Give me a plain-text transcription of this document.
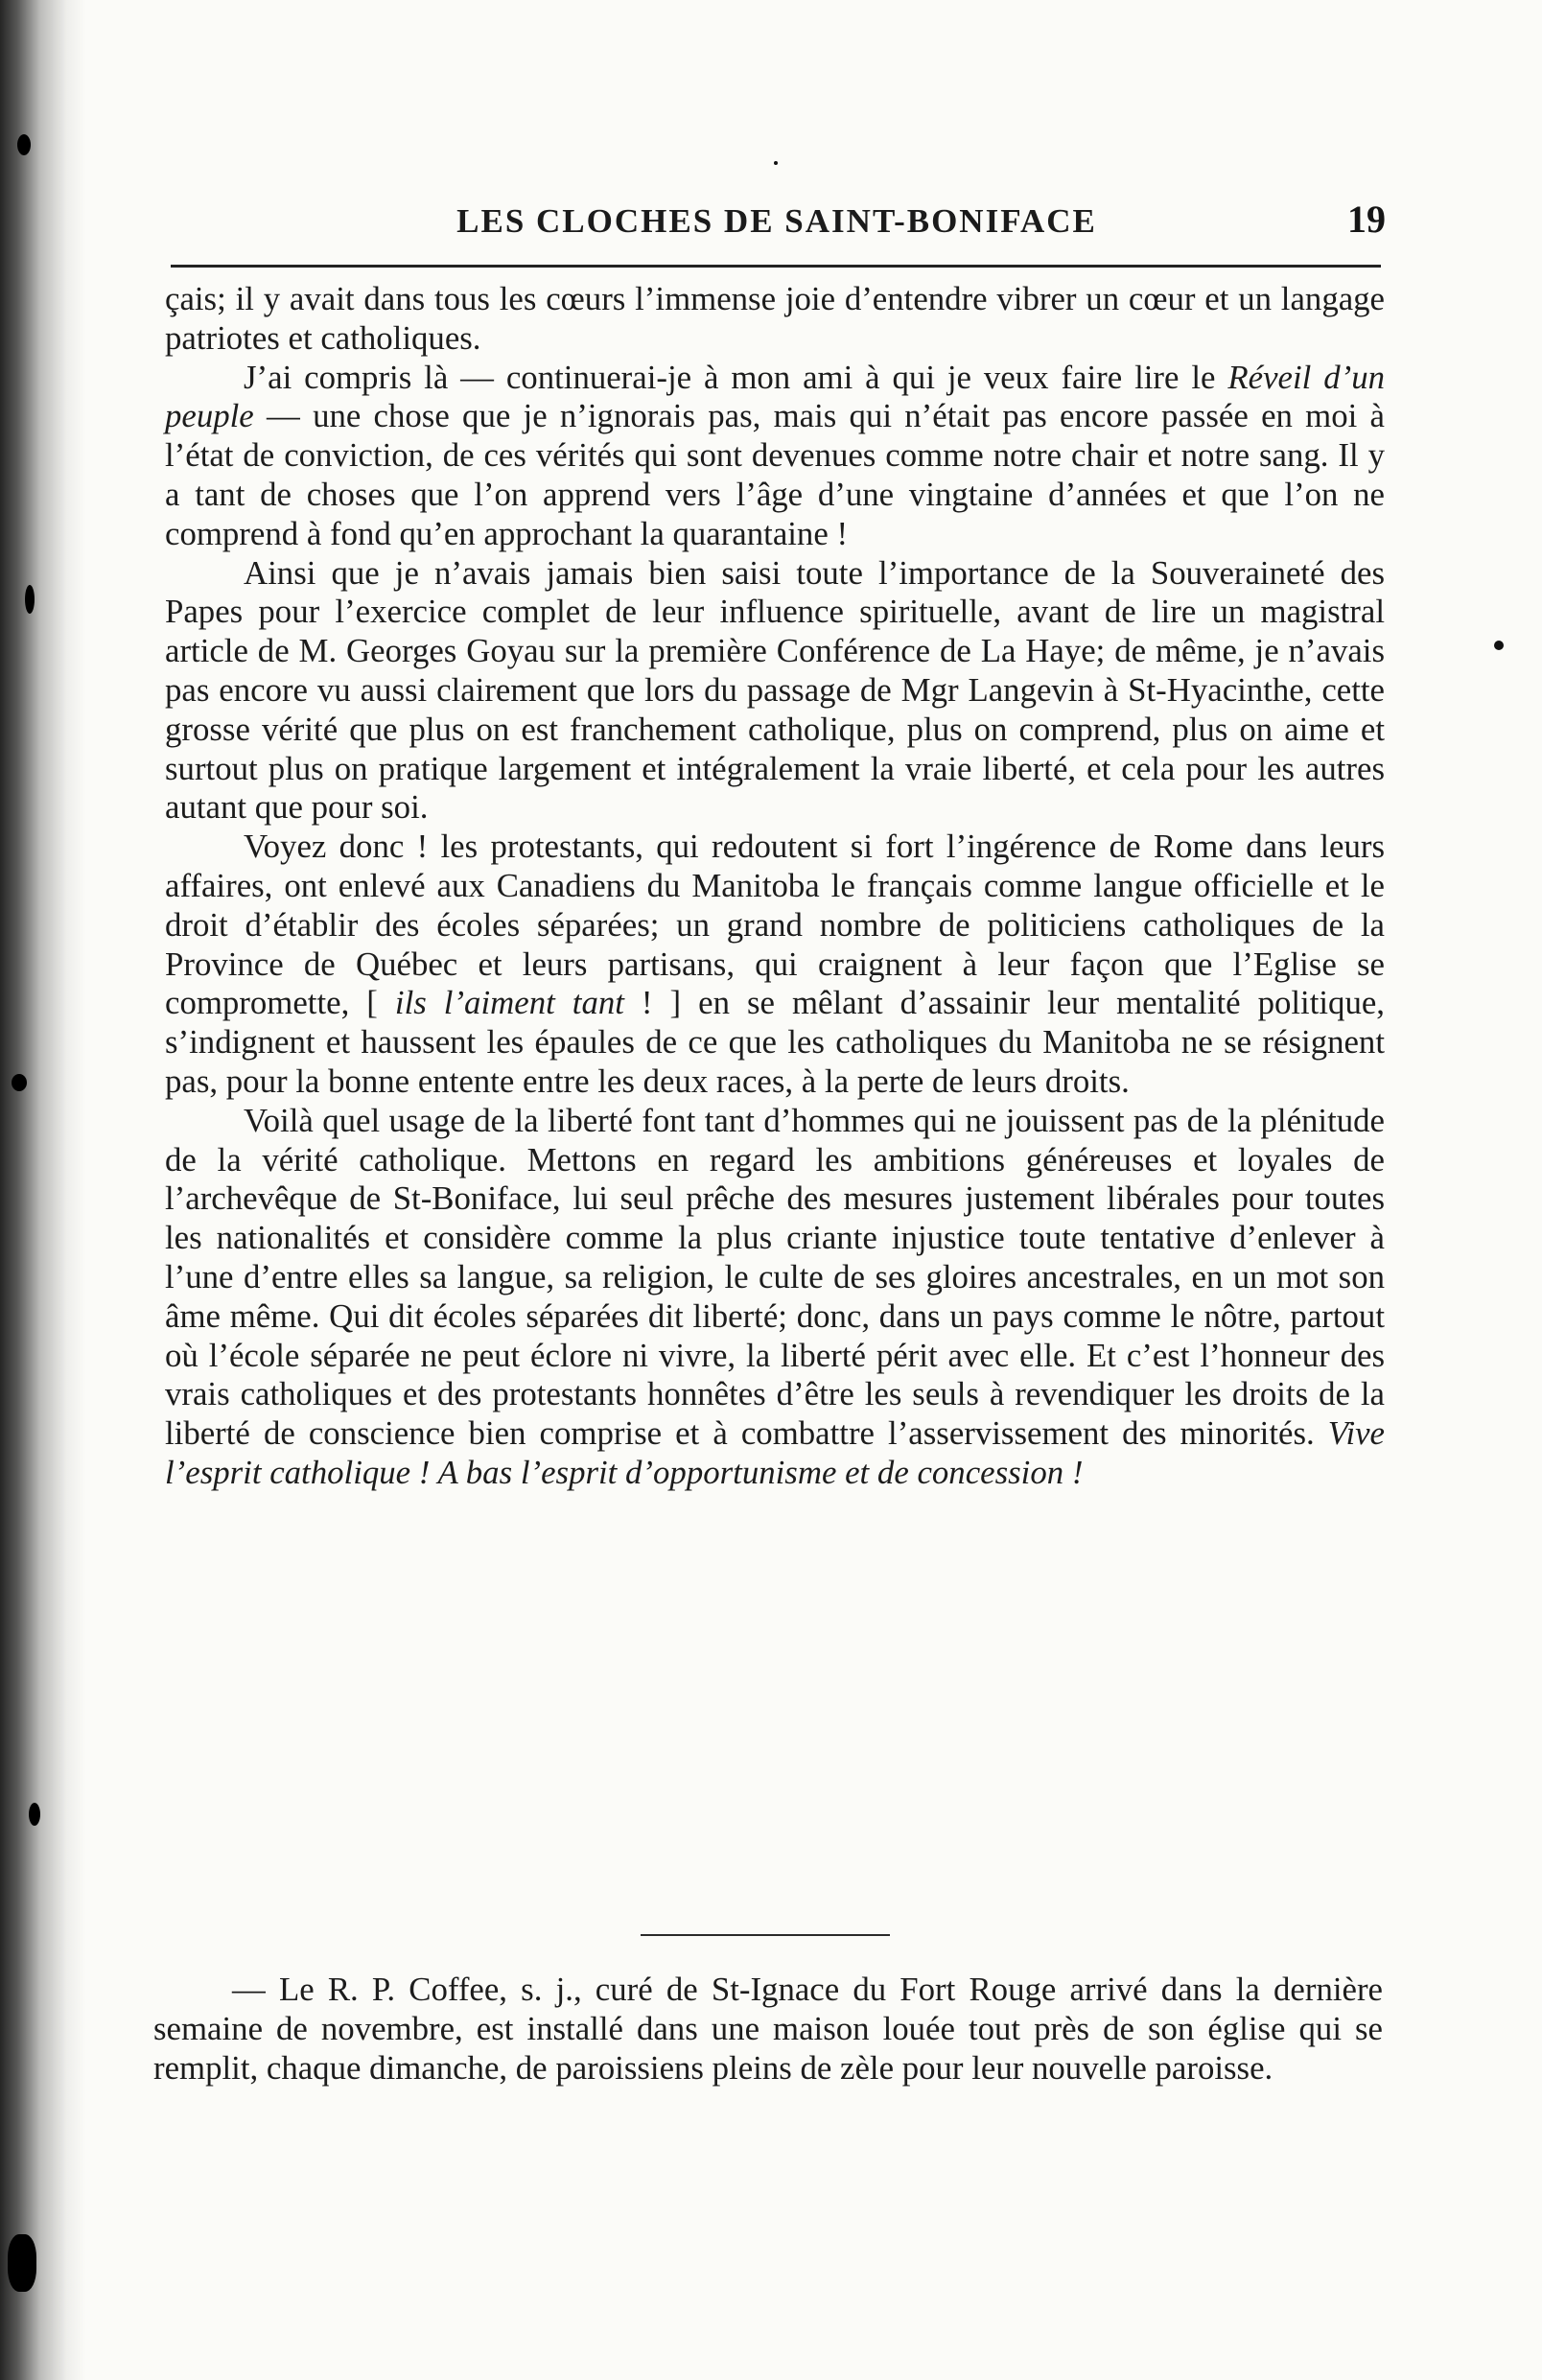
LES CLOCHES DE SAINT-BONIFACE	19

çais; il y avait dans tous les cœurs l’immense joie d’entendre vibrer un cœur et un langage patriotes et catholiques.

J’ai compris là — continuerai-je à mon ami à qui je veux faire lire le Réveil d’un peuple — une chose que je n’ignorais pas, mais qui n’était pas encore passée en moi à l’état de conviction, de ces vérités qui sont devenues comme notre chair et notre sang. Il y a tant de choses que l’on apprend vers l’âge d’une vingtaine d’années et que l’on ne comprend à fond qu’en approchant la quarantaine !

Ainsi que je n’avais jamais bien saisi toute l’importance de la Souveraineté des Papes pour l’exercice complet de leur influence spirituelle, avant de lire un magistral article de M. Georges Goyau sur la première Conférence de La Haye; de même, je n’avais pas encore vu aussi clairement que lors du passage de Mgr Langevin à St-Hyacinthe, cette grosse vérité que plus on est franchement catholique, plus on comprend, plus on aime et surtout plus on pratique largement et intégralement la vraie liberté, et cela pour les autres autant que pour soi.

Voyez donc ! les protestants, qui redoutent si fort l’ingérence de Rome dans leurs affaires, ont enlevé aux Canadiens du Manitoba le français comme langue officielle et le droit d’établir des écoles séparées; un grand nombre de politiciens catholiques de la Province de Québec et leurs partisans, qui craignent à leur façon que l’Eglise se compromette, [ ils l’aiment tant ! ] en se mêlant d’assainir leur mentalité politique, s’indignent et haussent les épaules de ce que les catholiques du Manitoba ne se résignent pas, pour la bonne entente entre les deux races, à la perte de leurs droits.

Voilà quel usage de la liberté font tant d’hommes qui ne jouissent pas de la plénitude de la vérité catholique. Mettons en regard les ambitions généreuses et loyales de l’archevêque de St-Boniface, lui seul prêche des mesures justement libérales pour toutes les nationalités et considère comme la plus criante injustice toute tentative d’enlever à l’une d’entre elles sa langue, sa religion, le culte de ses gloires ancestrales, en un mot son âme même. Qui dit écoles séparées dit liberté; donc, dans un pays comme le nôtre, partout où l’école séparée ne peut éclore ni vivre, la liberté périt avec elle. Et c’est l’honneur des vrais catholiques et des protestants honnêtes d’être les seuls à revendiquer les droits de la liberté de conscience bien comprise et à combattre l’asservissement des minorités. Vive l’esprit catholique ! A bas l’esprit d’opportunisme et de concession !

— Le R. P. Coffee, s. j., curé de St-Ignace du Fort Rouge arrivé dans la dernière semaine de novembre, est installé dans une maison louée tout près de son église qui se remplit, chaque dimanche, de paroissiens pleins de zèle pour leur nouvelle paroisse.
